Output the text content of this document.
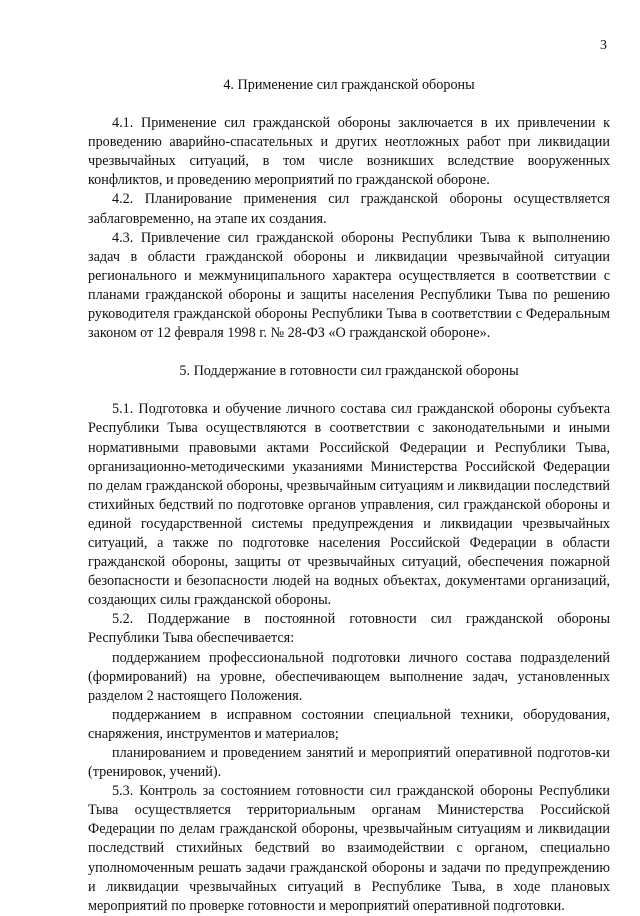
3
4. Применение сил гражданской обороны

4.1. Применение сил гражданской обороны заключается в их привлечении к проведению аварийно-спасательных и других неотложных работ при ликвидации чрезвычайных ситуаций, в том числе возникших вследствие вооруженных конфликтов, и проведению мероприятий по гражданской обороне.

4.2. Планирование применения сил гражданской обороны осуществляется заблаговременно, на этапе их создания.

4.3. Привлечение сил гражданской обороны Республики Тыва к выполнению задач в области гражданской обороны и ликвидации чрезвычайной ситуации регионального и межмуниципального характера осуществляется в соответствии с планами гражданской обороны и защиты населения Республики Тыва по решению руководителя гражданской обороны Республики Тыва в соответствии с Федеральным законом от 12 февраля 1998 г. № 28-ФЗ «О гражданской обороне».

5. Поддержание в готовности сил гражданской обороны

5.1. Подготовка и обучение личного состава сил гражданской обороны субъекта Республики Тыва осуществляются в соответствии с законодательными и иными нормативными правовыми актами Российской Федерации и Республики Тыва, организационно-методическими указаниями Министерства Российской Федерации по делам гражданской обороны, чрезвычайным ситуациям и ликвидации последствий стихийных бедствий по подготовке органов управления, сил гражданской обороны и единой государственной системы предупреждения и ликвидации чрезвычайных ситуаций, а также по подготовке населения Российской Федерации в области гражданской обороны, защиты от чрезвычайных ситуаций, обеспечения пожарной безопасности и безопасности людей на водных объектах, документами организаций, создающих силы гражданской обороны.

5.2. Поддержание в постоянной готовности сил гражданской обороны Республики Тыва обеспечивается:

поддержанием профессиональной подготовки личного состава подразделений (формирований) на уровне, обеспечивающем выполнение задач, установленных разделом 2 настоящего Положения.

поддержанием в исправном состоянии специальной техники, оборудования, снаряжения, инструментов и материалов;

планированием и проведением занятий и мероприятий оперативной подготов-ки (тренировок, учений).

5.3. Контроль за состоянием готовности сил гражданской обороны Республики Тыва осуществляется территориальным органам Министерства Российской Федерации по делам гражданской обороны, чрезвычайным ситуациям и ликвидации последствий стихийных бедствий во взаимодействии с органом, специально уполномоченным решать задачи гражданской обороны и задачи по предупреждению и ликвидации чрезвычайных ситуаций в Республике Тыва, в ходе плановых мероприятий по проверке готовности и мероприятий оперативной подготовки.
